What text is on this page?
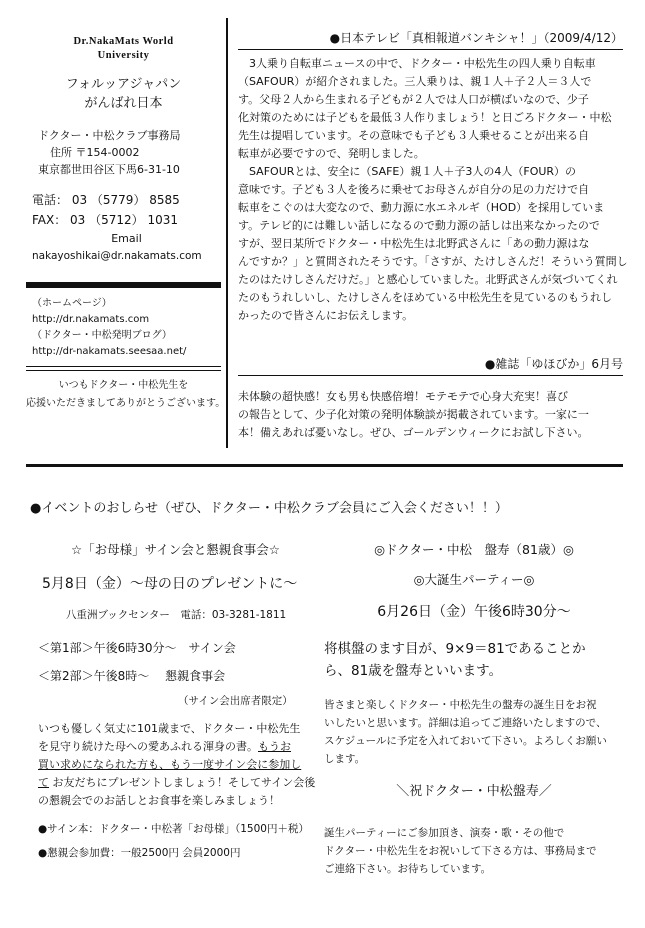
Dr.NakaMats World
University
フォルッアジャパン
がんばれ日本
ドクター・中松クラブ事務局
住所 〒154-0002
東京都世田谷区下馬6-31-10
電話： 03 （5779） 8585
FAX： 03 （5712） 1031
Email
nakayoshikai@dr.nakamats.com
（ホームページ）
http://dr.nakamats.com
（ドクター・中松発明ブログ）
http://dr-nakamats.seesaa.net/
いつもドクター・中松先生を
応援いただきましてありがとうございます。
●日本テレビ「真相報道バンキシャ！」（2009/4/12）
　3人乗り自転車ニュースの中で、ドクター・中松先生の四人乗り自転車
（SAFOUR）が紹介されました。三人乗りは、親１人＋子２人＝３人で
す。父母２人から生まれる子どもが２人では人口が横ばいなので、少子
化対策のためには子どもを最低３人作りましょう！と日ごろドクター・中松
先生は提唱しています。その意味でも子ども３人乗せることが出来る自
転車が必要ですので、発明しました。
　SAFOURとは、安全に（SAFE）親１人＋子3人の4人（FOUR）の
意味です。子ども３人を後ろに乗せてお母さんが自分の足の力だけで自
転車をこぐのは大変なので、動力源に水エネルギ（HOD）を採用していま
す。テレビ的には難しい話しになるので動力源の話しは出来なかったので
すが、翌日某所でドクター・中松先生は北野武さんに「あの動力源はな
んですか？」と質問されたそうです。「さすが、たけしさんだ！そういう質問し
たのはたけしさんだけだ。」と感心していました。北野武さんが気づいてくれ
たのもうれしいし、たけしさんをほめている中松先生を見ているのもうれし
かったので皆さんにお伝えします。
●雑誌「ゆほびか」6月号
未体験の超快感！女も男も快感倍増！モテモテで心身大充実！喜び
の報告として、少子化対策の発明体験談が掲載されています。一家に一
本！備えあれば憂いなし。ぜひ、ゴールデンウィークにお試し下さい。
●イベントのおしらせ（ぜひ、ドクター・中松クラブ会員にご入会ください！！）
☆「お母様」サイン会と懇親食事会☆
5月8日（金）～母の日のプレゼントに～
八重洲ブックセンター　電話：03-3281-1811
＜第1部＞午後6時30分～　サイン会
＜第2部＞午後8時～　 懇親食事会
（サイン会出席者限定）
いつも優しく気丈に101歳まで、ドクター・中松先生
を見守り続けた母への愛あふれる渾身の書。もうお
買い求めになられた方も、もう一度サイン会に参加し
て お友だちにプレゼントしましょう！そしてサイン会後
の懇親会でのお話しとお食事を楽しみましょう！
●サイン本：ドクター・中松著「お母様」（1500円＋税）
●懇親会参加費：一般2500円 会員2000円
◎ドクター・中松　盤寿（81歳）◎
◎大誕生パーティー◎
6月26日（金）午後6時30分～
将棋盤のます目が、9×9＝81であることか
ら、81歳を盤寿といいます。
皆さまと楽しくドクター・中松先生の盤寿の誕生日をお祝
いしたいと思います。詳細は追ってご連絡いたしますので、
スケジュールに予定を入れておいて下さい。よろしくお願い
します。
＼祝ドクター・中松盤寿／
誕生パーティーにご参加頂き、演奏・歌・その他で
ドクター・中松先生をお祝いして下さる方は、事務局まで
ご連絡下さい。お待ちしています。
